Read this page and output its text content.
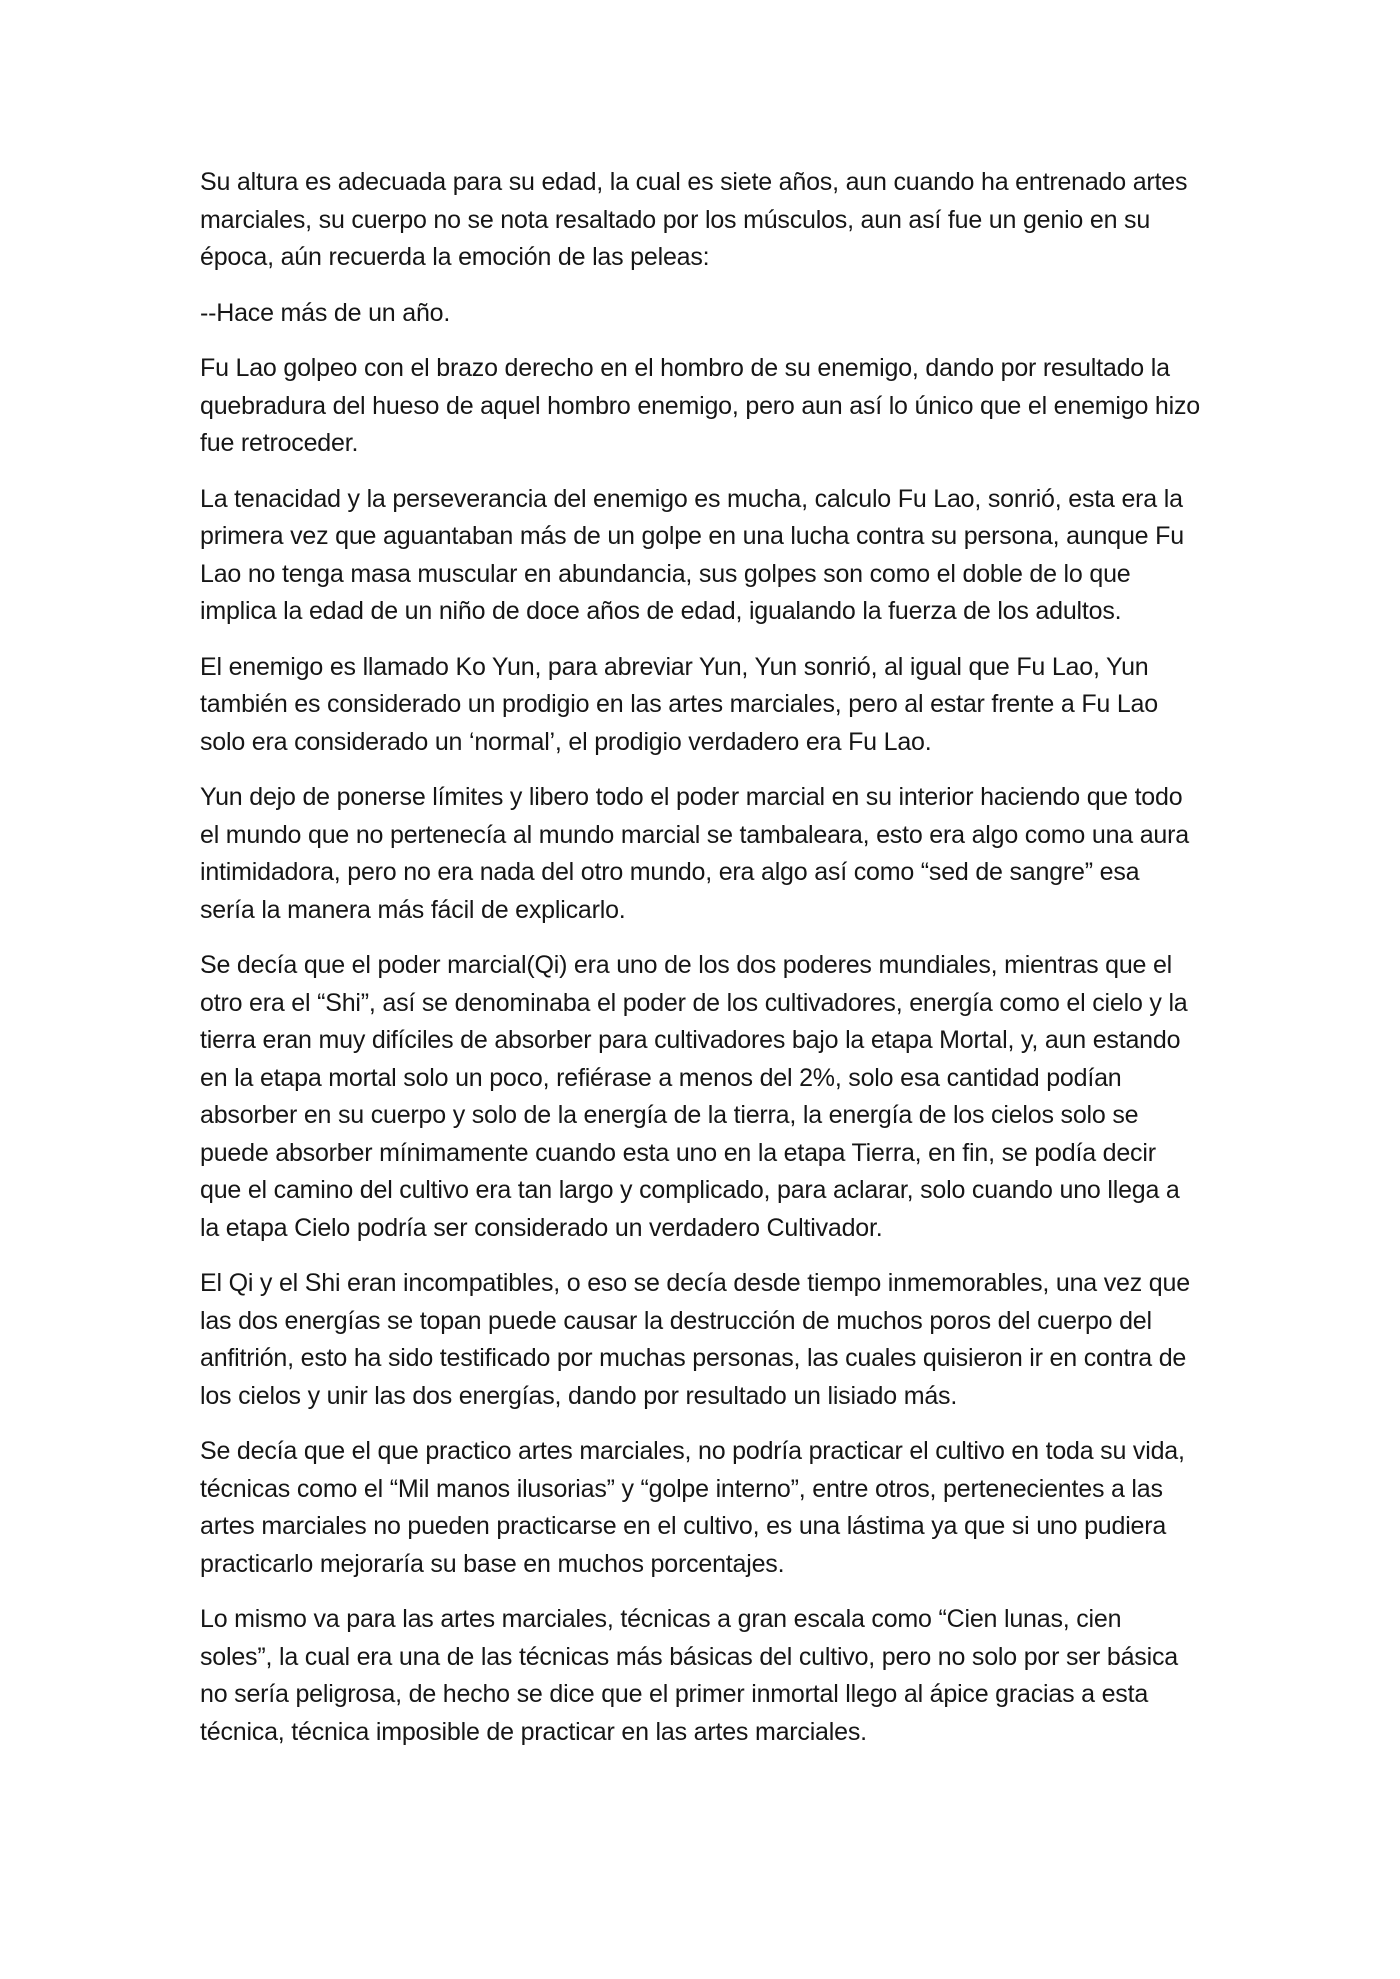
Su altura es adecuada para su edad, la cual es siete años, aun cuando ha entrenado artes marciales, su cuerpo no se nota resaltado por los músculos, aun así fue un genio en su época, aún recuerda la emoción de las peleas:

--Hace más de un año.

Fu Lao golpeo con el brazo derecho en el hombro de su enemigo, dando por resultado la quebradura del hueso de aquel hombro enemigo, pero aun así lo único que el enemigo hizo fue retroceder.

La tenacidad y la perseverancia del enemigo es mucha, calculo Fu Lao, sonrió, esta era la primera vez que aguantaban más de un golpe en una lucha contra su persona, aunque Fu Lao no tenga masa muscular en abundancia, sus golpes son como el doble de lo que implica la edad de un niño de doce años de edad, igualando la fuerza de los adultos.

El enemigo es llamado Ko Yun, para abreviar Yun, Yun sonrió, al igual que Fu Lao, Yun también es considerado un prodigio en las artes marciales, pero al estar frente a Fu Lao solo era considerado un ‘normal’, el prodigio verdadero era Fu Lao.

Yun dejo de ponerse límites y libero todo el poder marcial en su interior haciendo que todo el mundo que no pertenecía al mundo marcial se tambaleara, esto era algo como una aura intimidadora, pero no era nada del otro mundo, era algo así como “sed de sangre” esa sería la manera más fácil de explicarlo.

Se decía que el poder marcial(Qi) era uno de los dos poderes mundiales, mientras que el otro era el “Shi”, así se denominaba el poder de los cultivadores, energía como el cielo y la tierra eran muy difíciles de absorber para cultivadores bajo la etapa Mortal, y, aun estando en la etapa mortal solo un poco, refiérase a menos del 2%, solo esa cantidad podían absorber en su cuerpo y solo de la energía de la tierra, la energía de los cielos solo se puede absorber mínimamente cuando esta uno en la etapa Tierra, en fin, se podía decir que el camino del cultivo era tan largo y complicado, para aclarar, solo cuando uno llega a la etapa Cielo podría ser considerado un verdadero Cultivador.

El Qi y el Shi eran incompatibles, o eso se decía desde tiempo inmemorables, una vez que las dos energías se topan puede causar la destrucción de muchos poros del cuerpo del anfitrión, esto ha sido testificado por muchas personas, las cuales quisieron ir en contra de los cielos y unir las dos energías, dando por resultado un lisiado más.

Se decía que el que practico artes marciales, no podría practicar el cultivo en toda su vida, técnicas como el “Mil manos ilusorias” y “golpe interno”, entre otros, pertenecientes a las artes marciales no pueden practicarse en el cultivo, es una lástima ya que si uno pudiera practicarlo mejoraría su base en muchos porcentajes.

Lo mismo va para las artes marciales, técnicas a gran escala como “Cien lunas, cien soles”, la cual era una de las técnicas más básicas del cultivo, pero no solo por ser básica no sería peligrosa, de hecho se dice que el primer inmortal llego al ápice gracias a esta técnica, técnica imposible de practicar en las artes marciales.
